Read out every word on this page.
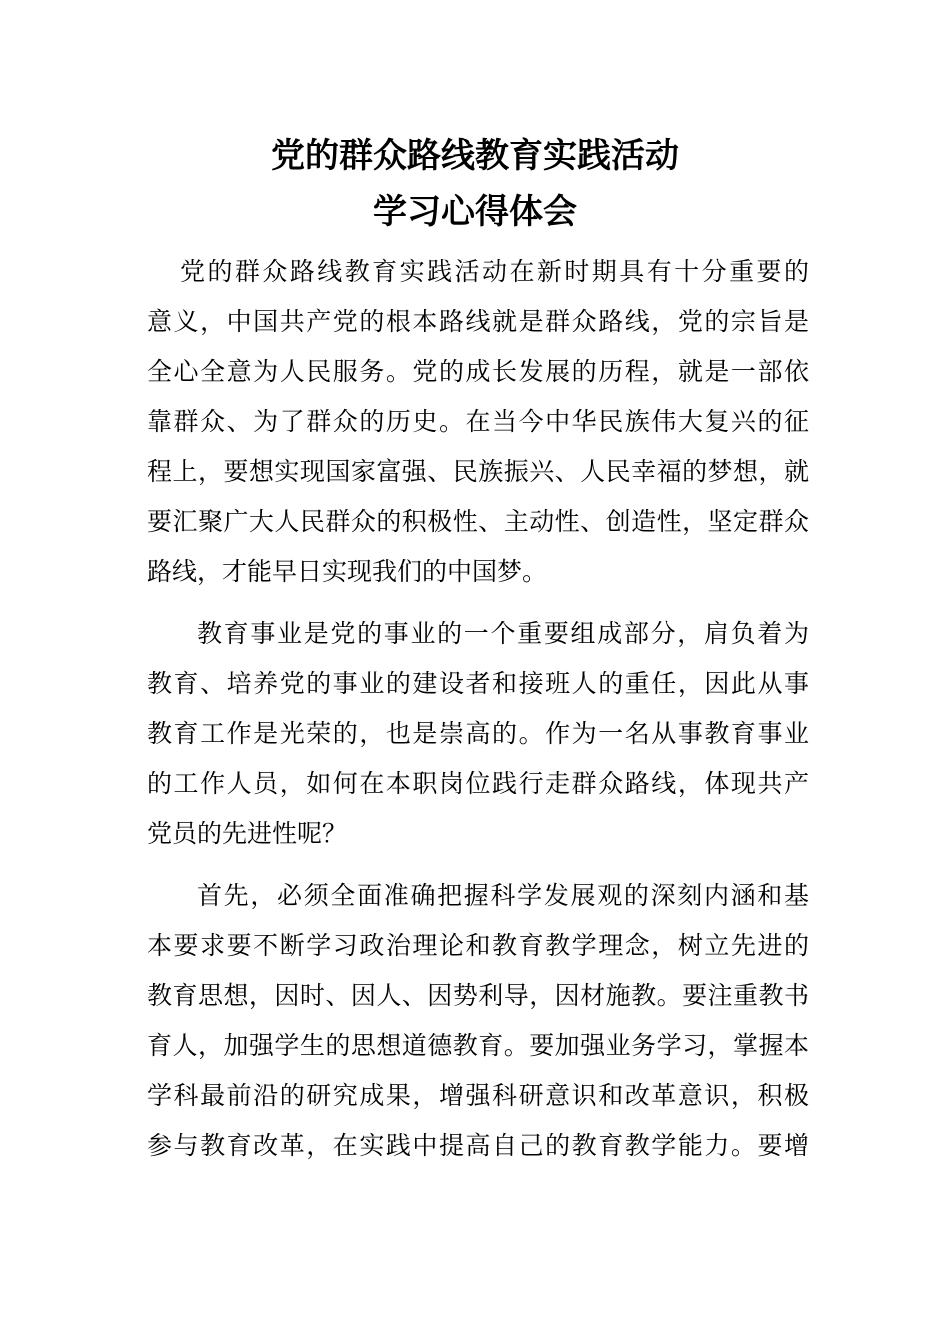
党的群众路线教育实践活动
学习心得体会
党的群众路线教育实践活动在新时期具有十分重要的
意义，中国共产党的根本路线就是群众路线，党的宗旨是
全心全意为人民服务。党的成长发展的历程，就是一部依
靠群众、为了群众的历史。在当今中华民族伟大复兴的征
程上，要想实现国家富强、民族振兴、人民幸福的梦想，就
要汇聚广大人民群众的积极性、主动性、创造性，坚定群众
路线，才能早日实现我们的中国梦。
教育事业是党的事业的一个重要组成部分，肩负着为
教育、培养党的事业的建设者和接班人的重任，因此从事
教育工作是光荣的，也是崇高的。作为一名从事教育事业
的工作人员，如何在本职岗位践行走群众路线，体现共产
党员的先进性呢？
首先，必须全面准确把握科学发展观的深刻内涵和基
本要求要不断学习政治理论和教育教学理念，树立先进的
教育思想，因时、因人、因势利导，因材施教。要注重教书
育人，加强学生的思想道德教育。要加强业务学习，掌握本
学科最前沿的研究成果，增强科研意识和改革意识，积极
参与教育改革，在实践中提高自己的教育教学能力。要增
